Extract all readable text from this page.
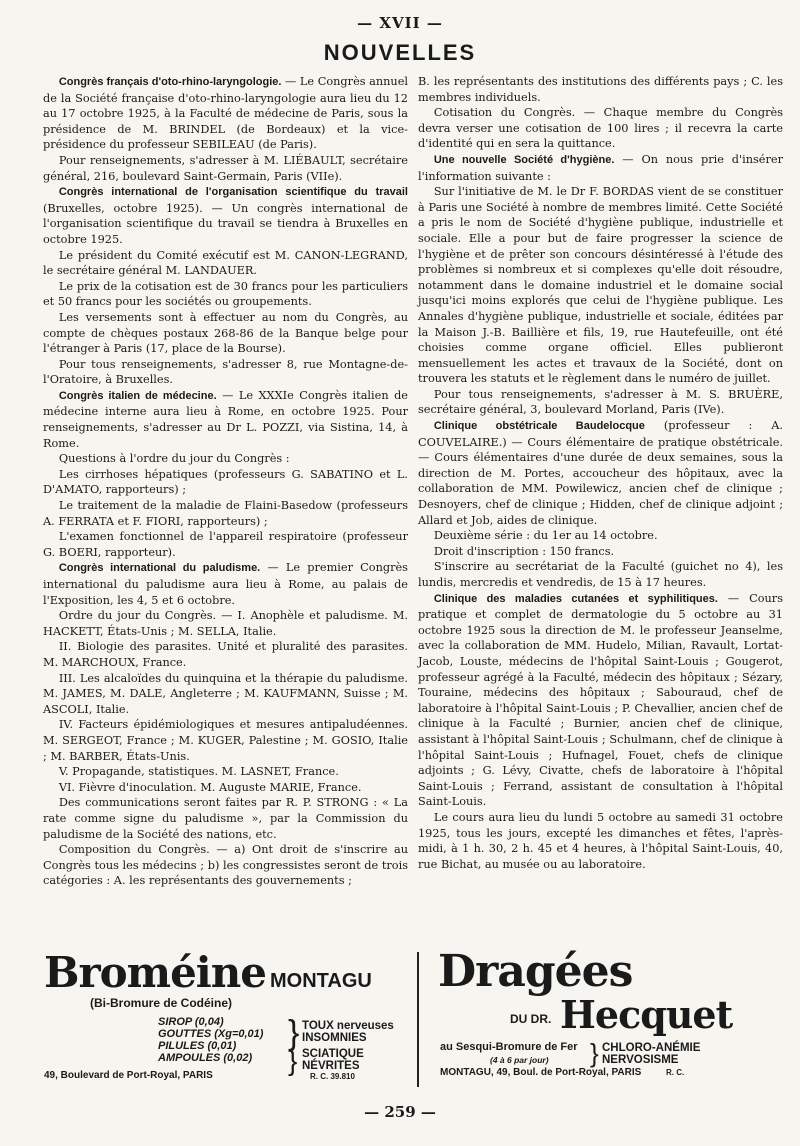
— XVII —
NOUVELLES

Congrès français d'oto-rhino-laryngologie. — Le Congrès annuel de la Société française d'oto-rhino-laryngologie aura lieu du 12 au 17 octobre 1925, à la Faculté de médecine de Paris, sous la présidence de M. BRINDEL (de Bordeaux) et la vice-présidence du professeur SEBILEAU (de Paris).

Pour renseignements, s'adresser à M. LIÉBAULT, secrétaire général, 216, boulevard Saint-Germain, Paris (VIIe).

Congrès international de l'organisation scientifique du travail (Bruxelles, octobre 1925). — Un congrès international de l'organisation scientifique du travail se tiendra à Bruxelles en octobre 1925.

Le président du Comité exécutif est M. CANON-LEGRAND, le secrétaire général M. LANDAUER.

Le prix de la cotisation est de 30 francs pour les particuliers et 50 francs pour les sociétés ou groupements.

Les versements sont à effectuer au nom du Congrès, au compte de chèques postaux 268-86 de la Banque belge pour l'étranger à Paris (17, place de la Bourse).

Pour tous renseignements, s'adresser 8, rue Montagne-de-l'Oratoire, à Bruxelles.

Congrès italien de médecine. — Le XXXIe Congrès italien de médecine interne aura lieu à Rome, en octobre 1925. Pour renseignements, s'adresser au Dr L. POZZI, via Sistina, 14, à Rome.

Questions à l'ordre du jour du Congrès :

Les cirrhoses hépatiques (professeurs G. SABATINO et L. D'AMATO, rapporteurs) ;

Le traitement de la maladie de Flaini-Basedow (professeurs A. FERRATA et F. FIORI, rapporteurs) ;

L'examen fonctionnel de l'appareil respiratoire (professeur G. BOERI, rapporteur).

Congrès international du paludisme. — Le premier Congrès international du paludisme aura lieu à Rome, au palais de l'Exposition, les 4, 5 et 6 octobre.

Ordre du jour du Congrès. — I. Anophèle et paludisme. M. HACKETT, États-Unis ; M. SELLA, Italie.

II. Biologie des parasites. Unité et pluralité des parasites. M. MARCHOUX, France.

III. Les alcaloïdes du quinquina et la thérapie du paludisme. M. JAMES, M. DALE, Angleterre ; M. KAUFMANN, Suisse ; M. ASCOLI, Italie.

IV. Facteurs épidémiologiques et mesures antipaludéennes. M. SERGEOT, France ; M. KUGER, Palestine ; M. GOSIO, Italie ; M. BARBER, États-Unis.

V. Propagande, statistiques. M. LASNET, France.

VI. Fièvre d'inoculation. M. Auguste MARIE, France.

Des communications seront faites par R. P. STRONG : « La rate comme signe du paludisme », par la Commission du paludisme de la Société des nations, etc.

Composition du Congrès. — a) Ont droit de s'inscrire au Congrès tous les médecins ; b) les congressistes seront de trois catégories : A. les représentants des gouvernements ;

B. les représentants des institutions des différents pays ; C. les membres individuels.

Cotisation du Congrès. — Chaque membre du Congrès devra verser une cotisation de 100 lires ; il recevra la carte d'identité qui en sera la quittance.

Une nouvelle Société d'hygiène. — On nous prie d'insérer l'information suivante :

Sur l'initiative de M. le Dr F. BORDAS vient de se constituer à Paris une Société à nombre de membres limité. Cette Société a pris le nom de Société d'hygiène publique, industrielle et sociale. Elle a pour but de faire progresser la science de l'hygiène et de prêter son concours désintéressé à l'étude des problèmes si nombreux et si complexes qu'elle doit résoudre, notamment dans le domaine industriel et le domaine social jusqu'ici moins explorés que celui de l'hygiène publique. Les Annales d'hygiène publique, industrielle et sociale, éditées par la Maison J.-B. Baillière et fils, 19, rue Hautefeuille, ont été choisies comme organe officiel. Elles publieront mensuellement les actes et travaux de la Société, dont on trouvera les statuts et le règlement dans le numéro de juillet.

Pour tous renseignements, s'adresser à M. S. BRUÈRE, secrétaire général, 3, boulevard Morland, Paris (IVe).

Clinique obstétricale Baudelocque (professeur : A. COUVELAIRE.) — Cours élémentaire de pratique obstétricale. — Cours élémentaires d'une durée de deux semaines, sous la direction de M. Portes, accoucheur des hôpitaux, avec la collaboration de MM. Powilewicz, ancien chef de clinique ; Desnoyers, chef de clinique ; Hidden, chef de clinique adjoint ; Allard et Job, aides de clinique.

Deuxième série : du 1er au 14 octobre.

Droit d'inscription : 150 francs.

S'inscrire au secrétariat de la Faculté (guichet no 4), les lundis, mercredis et vendredis, de 15 à 17 heures.

Clinique des maladies cutanées et syphilitiques. — Cours pratique et complet de dermatologie du 5 octobre au 31 octobre 1925 sous la direction de M. le professeur Jeanselme, avec la collaboration de MM. Hudelo, Milian, Ravault, Lortat-Jacob, Louste, médecins de l'hôpital Saint-Louis ; Gougerot, professeur agrégé à la Faculté, médecin des hôpitaux ; Sézary, Touraine, médecins des hôpitaux ; Sabouraud, chef de laboratoire à l'hôpital Saint-Louis ; P. Chevallier, ancien chef de clinique à la Faculté ; Burnier, ancien chef de clinique, assistant à l'hôpital Saint-Louis ; Schulmann, chef de clinique à l'hôpital Saint-Louis ; Hufnagel, Fouet, chefs de clinique adjoints ; G. Lévy, Civatte, chefs de laboratoire à l'hôpital Saint-Louis ; Ferrand, assistant de consultation à l'hôpital Saint-Louis.

Le cours aura lieu du lundi 5 octobre au samedi 31 octobre 1925, tous les jours, excepté les dimanches et fêtes, l'après-midi, à 1 h. 30, 2 h. 45 et 4 heures, à l'hôpital Saint-Louis, 40, rue Bichat, au musée ou au laboratoire.

Broméine MONTAGU
(Bi-Bromure de Codéine)
SIROP (0,04)
GOUTTES (Xg=0,01)
PILULES (0,01)	} TOUX nerveuses
INSOMNIES
AMPOULES (0,02) } SCIATIQUE
NÉVRITES
49, Boulevard de Port-Royal, PARIS	R. C. 39.810
Dragées
DU DR. Hecquet
au Sesqui-Bromure de Fer
(4 à 6 par jour) } CHLORO-ANÉMIE
NERVOSISME
MONTAGU, 49, Boul. de Port-Royal, PARIS	R. C.
— 259 —
